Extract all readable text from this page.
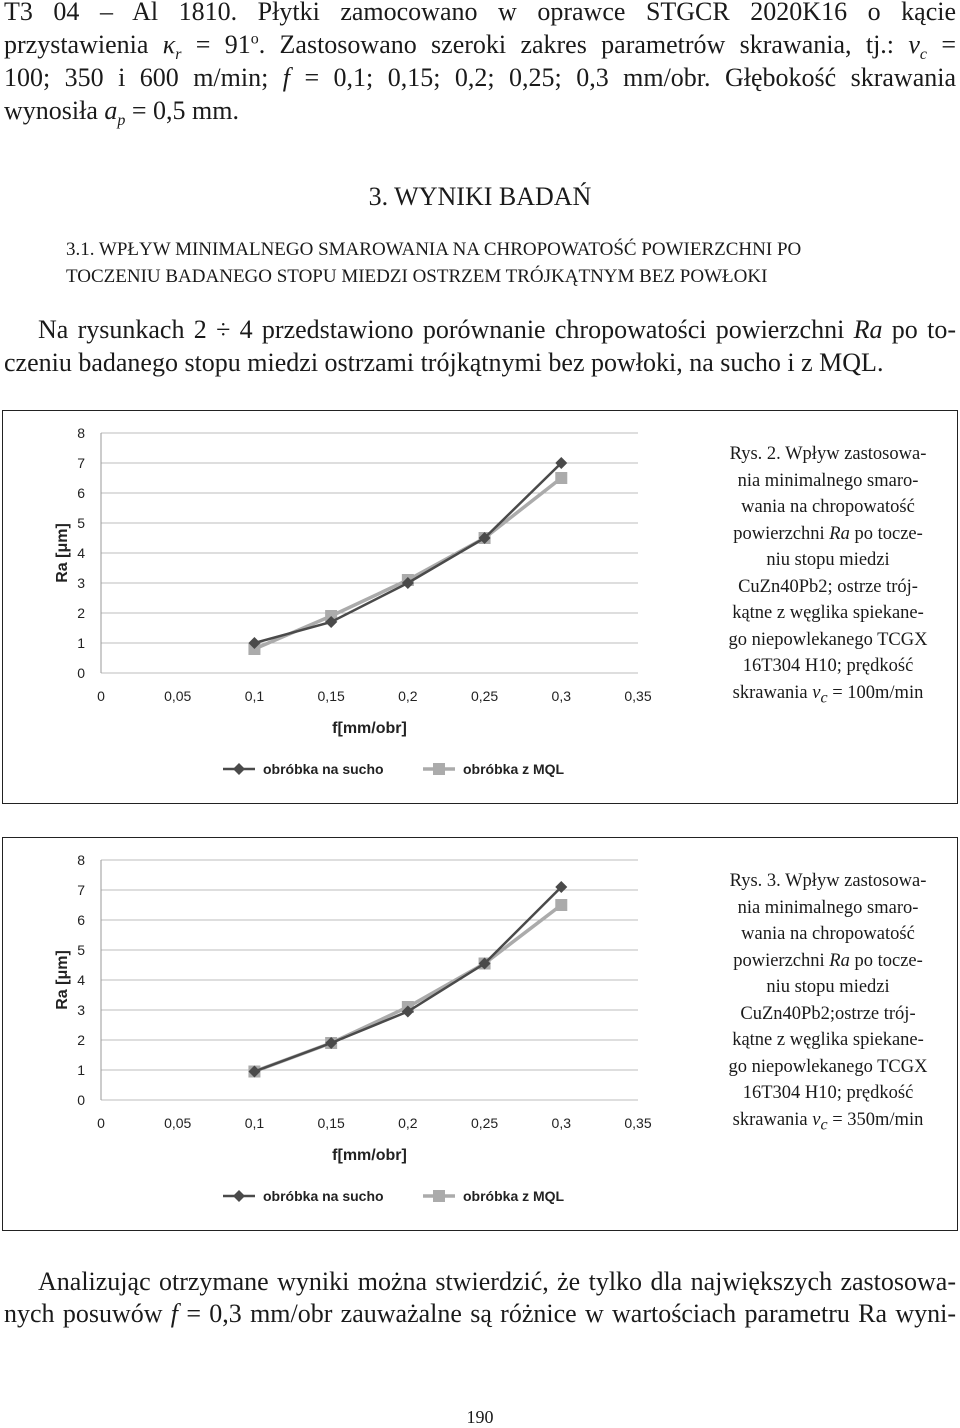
T3 04 – Al 1810. Płytki zamocowano w oprawce STGCR 2020K16 o kącie
przystawienia $\kappa_r = 91^o$. Zastosowano szeroki zakres parametrów skrawania, tj.: $v_c$ =
100; 350 i 600 m/min; f = 0,1; 0,15; 0,2; 0,25; 0,3 mm/obr. Głębokość skrawania
wynosiła $a_p = 0,5$ mm.
3. WYNIKI BADAŃ
3.1. WPŁYW MINIMALNEGO SMAROWANIA NA CHROPOWATOŚĆ POWIERZCHNI PO
TOCZENIU BADANEGO STOPU MIEDZI OSTRZEM TRÓJKĄTNYM BEZ POWŁOKI
Na rysunkach 2 ÷ 4 przedstawiono porównanie chropowatości powierzchni Ra po to-
czeniu badanego stopu miedzi ostrzami trójkątnymi bez powłoki, na sucho i z MQL.
0
1
2
3
4
5
6
7
8
0	0,05	0,1	0,15	0,2	0,25	0,3	0,35
f[mm/obr]
Ra [μm]
obróbka na sucho	obróbka z MQL
Rys. 2. Wpływ zastosowa-
nia minimalnego smaro-
wania na chropowatość
powierzchni Ra po tocze-
niu stopu miedzi
CuZn40Pb2; ostrze trój-
kątne z węglika spiekane-
go niepowlekanego TCGX
16T304 H10; prędkość
skrawania $v_c = 100m/\min$
0
1
2
3
4
5
6
7
8
0	0,05	0,1	0,15	0,2	0,25	0,3	0,35
f[mm/obr]
Ra [μm]
obróbka na sucho	obróbka z MQL
Rys. 3. Wpływ zastosowa-
nia minimalnego smaro-
wania na chropowatość
powierzchni Ra po tocze-
niu stopu miedzi
CuZn40Pb2;ostrze trój-
kątne z węglika spiekane-
go niepowlekanego TCGX
16T304 H10; prędkość
skrawania $v_c = 350m/\min$
Analizując otrzymane wyniki można stwierdzić, że tylko dla największych zastosowa-
nych posuwów f = 0,3 mm/obr zauważalne są różnice w wartościach parametru Ra wyni-
190
